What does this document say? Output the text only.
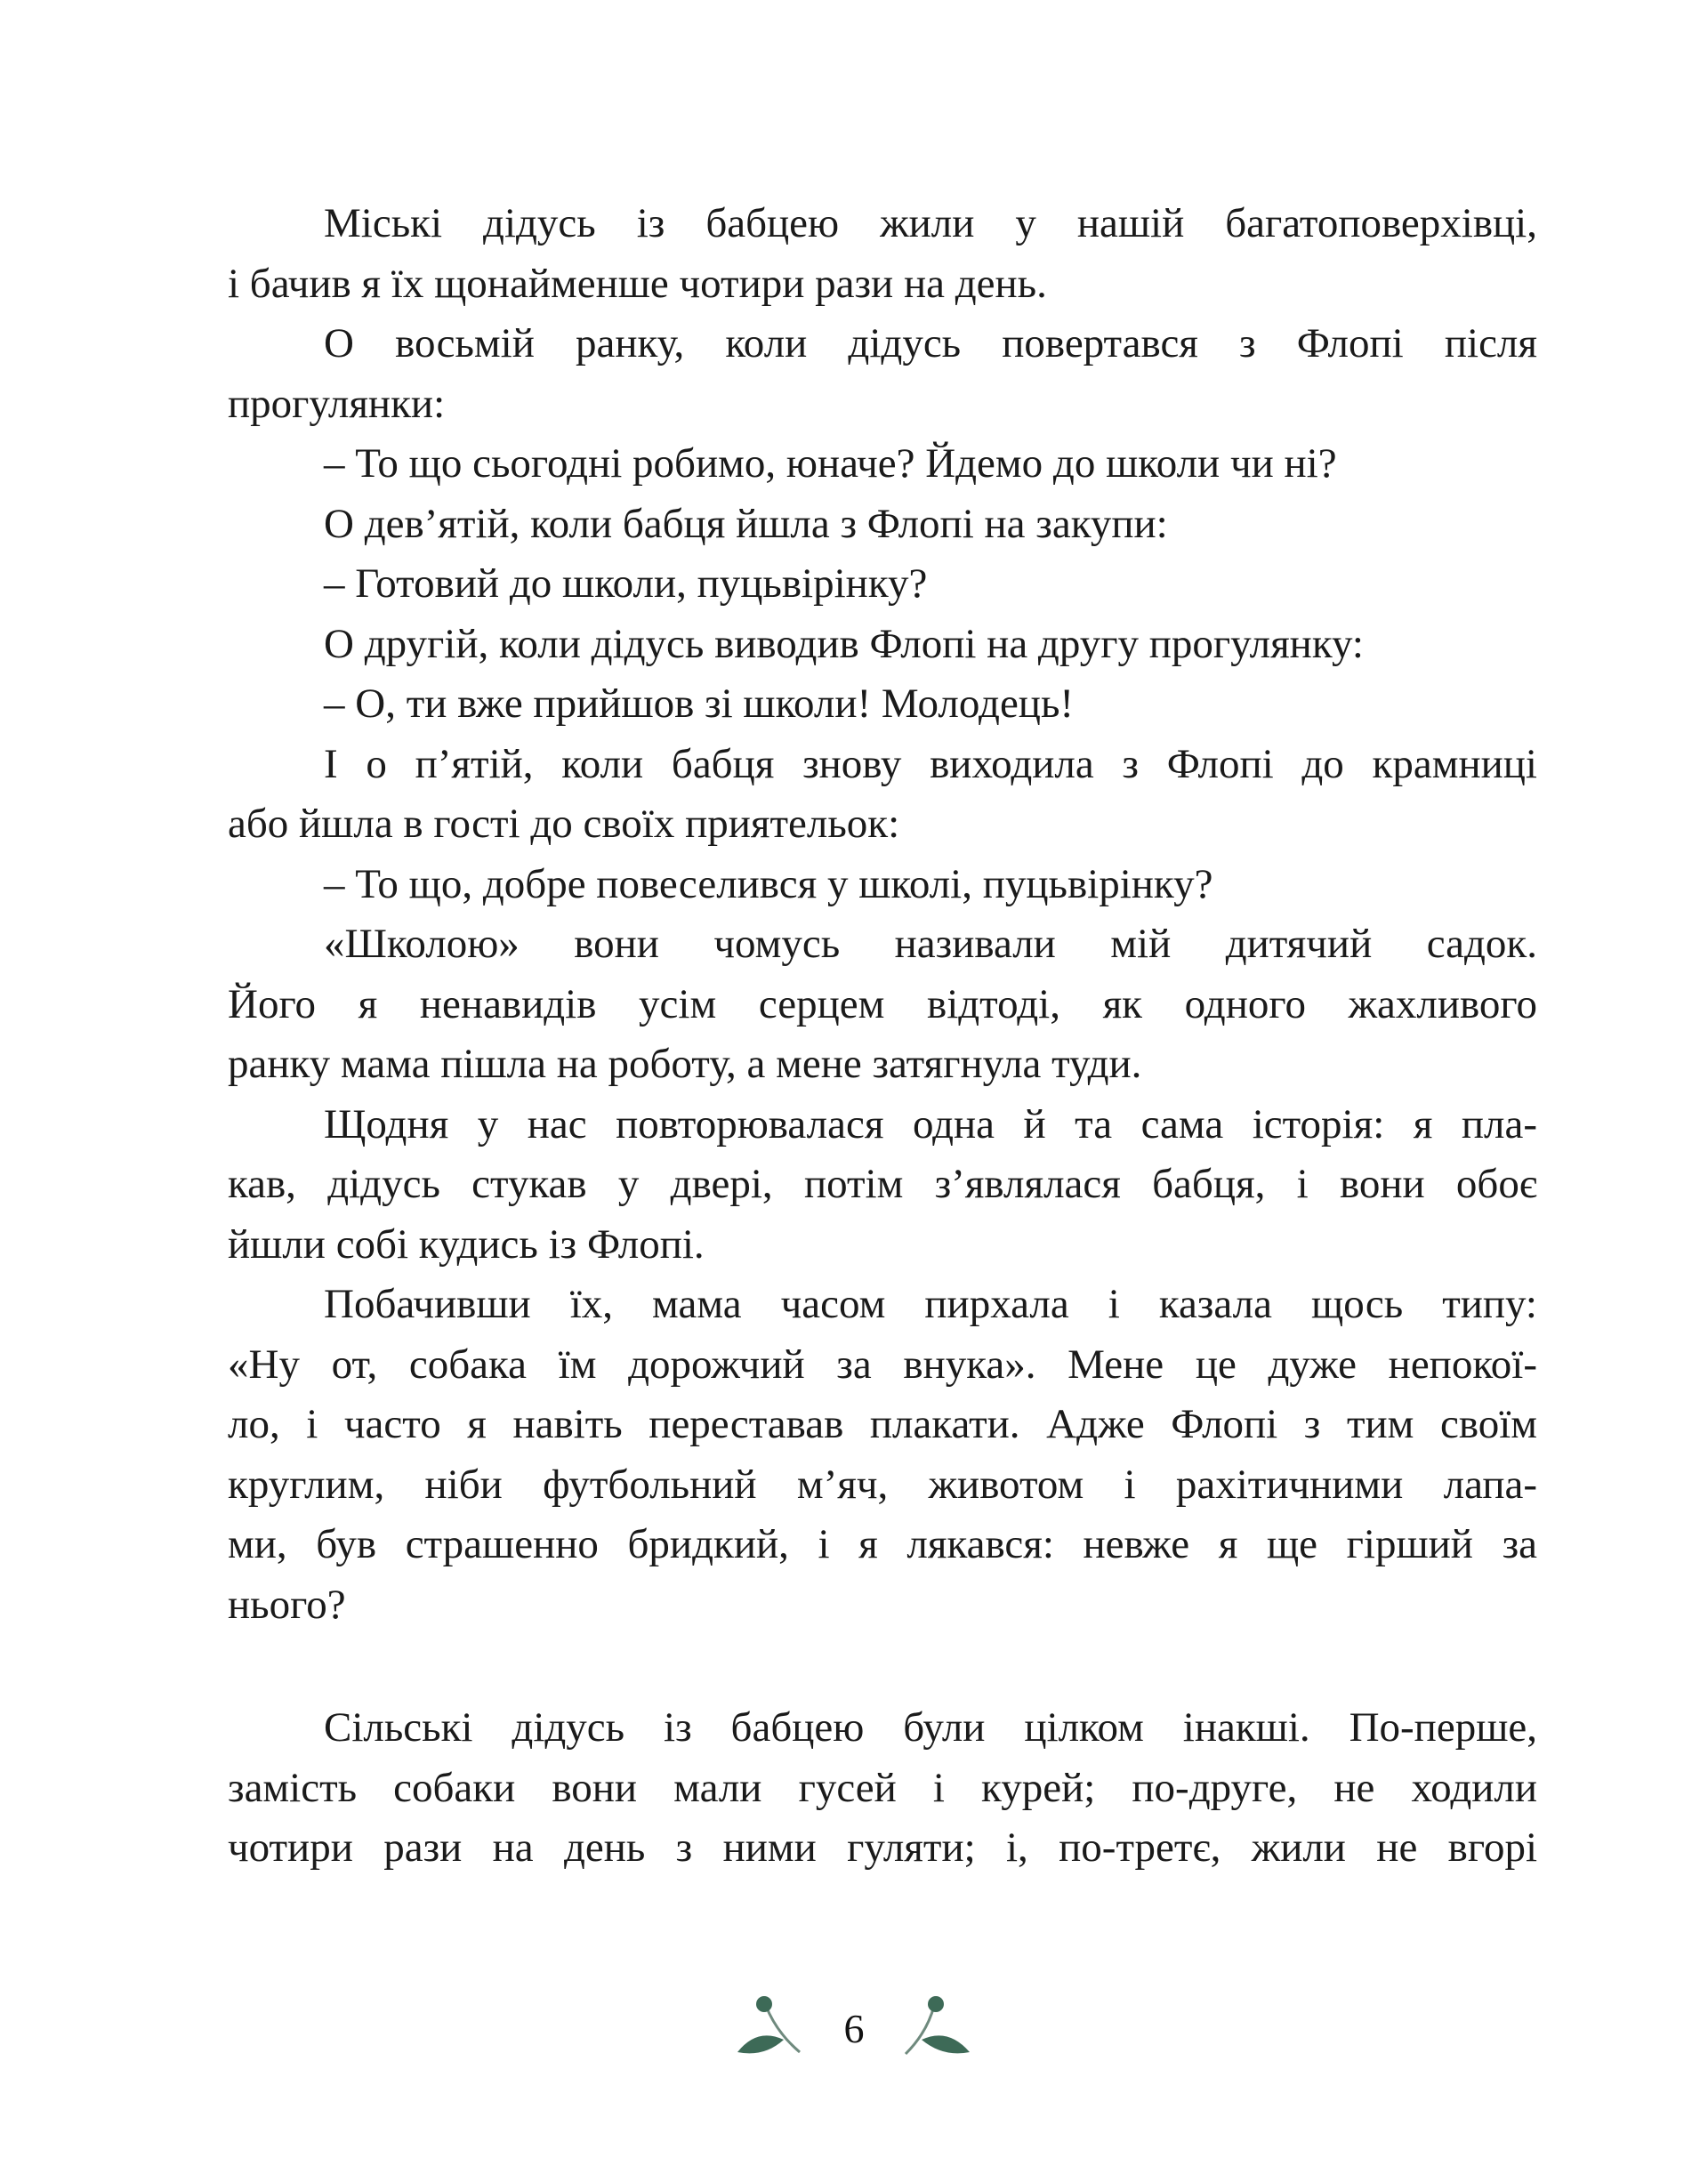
Міські дідусь із бабцею жили у нашій багатоповерхівці,
і бачив я їх щонайменше чотири рази на день.
О восьмій ранку, коли дідусь повертався з Флопі після
прогулянки:
– То що сьогодні робимо, юначе? Йдемо до школи чи ні?
О дев’ятій, коли бабця йшла з Флопі на закупи:
– Готовий до школи, пуцьвірінку?
О другій, коли дідусь виводив Флопі на другу прогулянку:
– О, ти вже прийшов зі школи! Молодець!
І о п’ятій, коли бабця знову виходила з Флопі до крамниці
або йшла в гості до своїх приятельок:
– То що, добре повеселився у школі, пуцьвірінку?
«Школою» вони чомусь називали мій дитячий садок.
Його я ненавидів усім серцем відтоді, як одного жахливого
ранку мама пішла на роботу, а мене затягнула туди.
Щодня у нас повторювалася одна й та сама історія: я пла-
кав, дідусь стукав у двері, потім з’являлася бабця, і вони обоє
йшли собі кудись із Флопі.
Побачивши їх, мама часом пирхала і казала щось типу:
«Ну от, собака їм дорожчий за внука». Мене це дуже непокої-
ло, і часто я навіть переставав плакати. Адже Флопі з тим своїм
круглим, ніби футбольний м’яч, животом і рахітичними лапа-
ми, був страшенно бридкий, і я лякався: невже я ще гірший за
нього?
Сільські дідусь із бабцею були цілком інакші. По-перше,
замість собаки вони мали гусей і курей; по-друге, не ходили
чотири рази на день з ними гуляти; і, по-третє, жили не вгорі
6
